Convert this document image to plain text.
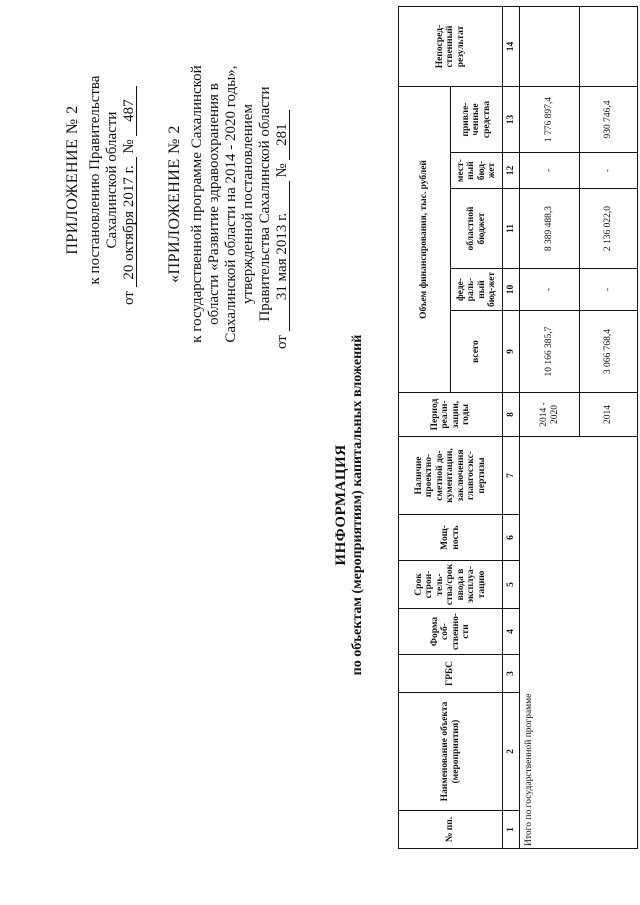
ПРИЛОЖЕНИЕ № 2 к постановлению Правительства Сахалинской области
от 20 октября 2017 г. № 487
«ПРИЛОЖЕНИЕ № 2 к государственной программе Сахалинской области «Развитие здравоохранения в Сахалинской области на 2014 - 2020 годы», утвержденной постановлением Правительства Сахалинской области
от 31 мая 2013 г. № 281
ИНФОРМАЦИЯ по объектам (мероприятиям) капитальных вложений
№ пп.	Наименование объекта (мероприятия)	ГРБС	Форма соб-ственно-сти	Срок строи-тель-ства/срок ввода в эксплуа-тацию	Мощ-ность	Наличие проектно-сметной до-кументации, заключения главгосэкс-пертизы	Период реали-зации, годы	Объем финансирования, тыс. рублей					Непосред-ственный результат
								всего	феде-раль-ный бюд-жет	областной бюджет	мест-ный бюд-жет	привле-ченные средства	
1	2	3	4	5	6	7	8	9	10	11	12	13	14
Итого по государственной программе							2014 - 2020	10 166 385,7	-	8 389 488,3	-	1 776 897,4	
							2014	3 066 768,4	-	2 136 022,0	-	930 746,4	
